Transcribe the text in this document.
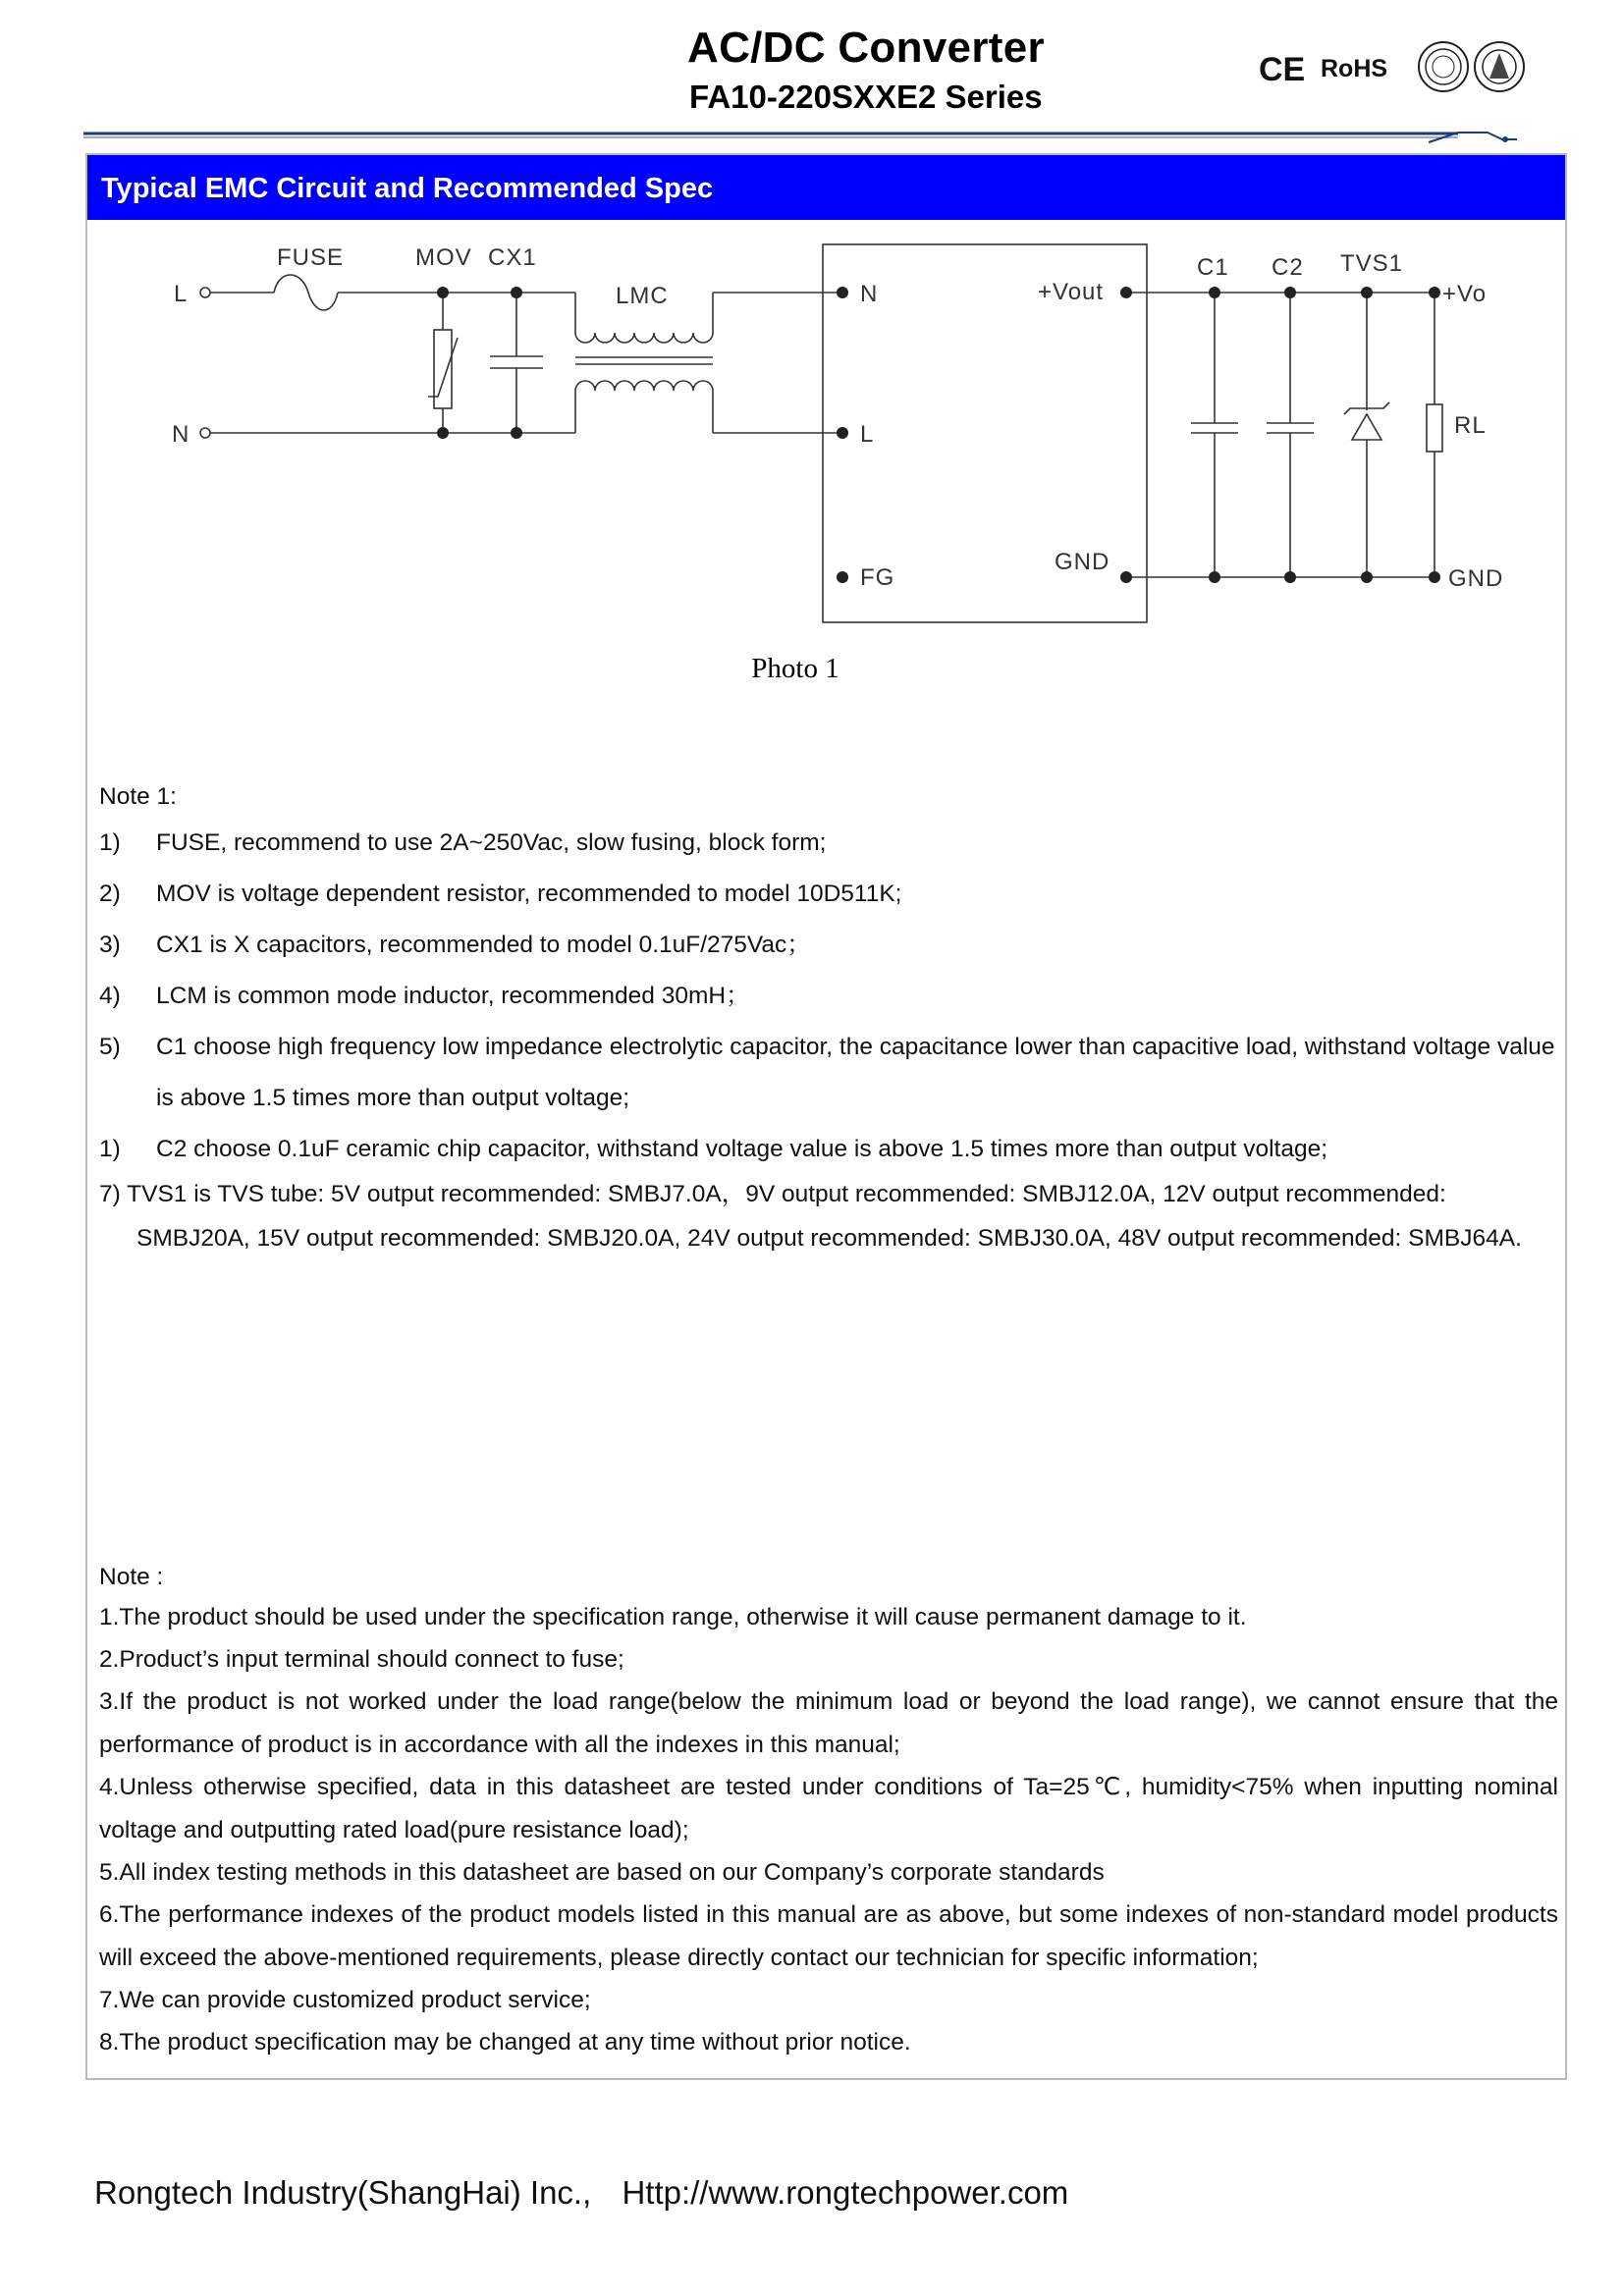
AC/DC Converter
FA10-220SXXE2 Series
CE RoHS
Typical EMC Circuit and Recommended Spec
L
N
FUSE	MOV CX1
LMC	N
L
FG
+Vout
GND
C1 C2 TVS1
RL
+Vo
GND
Photo 1
Note 1:
1) FUSE, recommend to use 2A~250Vac, slow fusing, block form;
2) MOV is voltage dependent resistor, recommended to model 10D511K;
3) CX1 is X capacitors, recommended to model 0.1uF/275Vac；
4) LCM is common mode inductor, recommended 30mH；
5) C1 choose high frequency low impedance electrolytic capacitor, the capacitance lower than capacitive load, withstand voltage value is above 1.5 times more than output voltage;
1) C2 choose 0.1uF ceramic chip capacitor, withstand voltage value is above 1.5 times more than output voltage;
7) TVS1 is TVS tube: 5V output recommended: SMBJ7.0A，9V output recommended: SMBJ12.0A, 12V output recommended: SMBJ20A, 15V output recommended: SMBJ20.0A, 24V output recommended: SMBJ30.0A, 48V output recommended: SMBJ64A.
Note :
1.The product should be used under the specification range, otherwise it will cause permanent damage to it.
2.Product’s input terminal should connect to fuse;
3.If the product is not worked under the load range(below the minimum load or beyond the load range), we cannot ensure that the performance of product is in accordance with all the indexes in this manual;
4.Unless otherwise specified, data in this datasheet are tested under conditions of Ta=25℃, humidity<75% when inputting nominal voltage and outputting rated load(pure resistance load);
5.All index testing methods in this datasheet are based on our Company’s corporate standards
6.The performance indexes of the product models listed in this manual are as above, but some indexes of non-standard model products will exceed the above-mentioned requirements, please directly contact our technician for specific information;
7.We can provide customized product service;
8.The product specification may be changed at any time without prior notice.
Rongtech Industry(ShangHai) Inc., Http://www.rongtechpower.com
